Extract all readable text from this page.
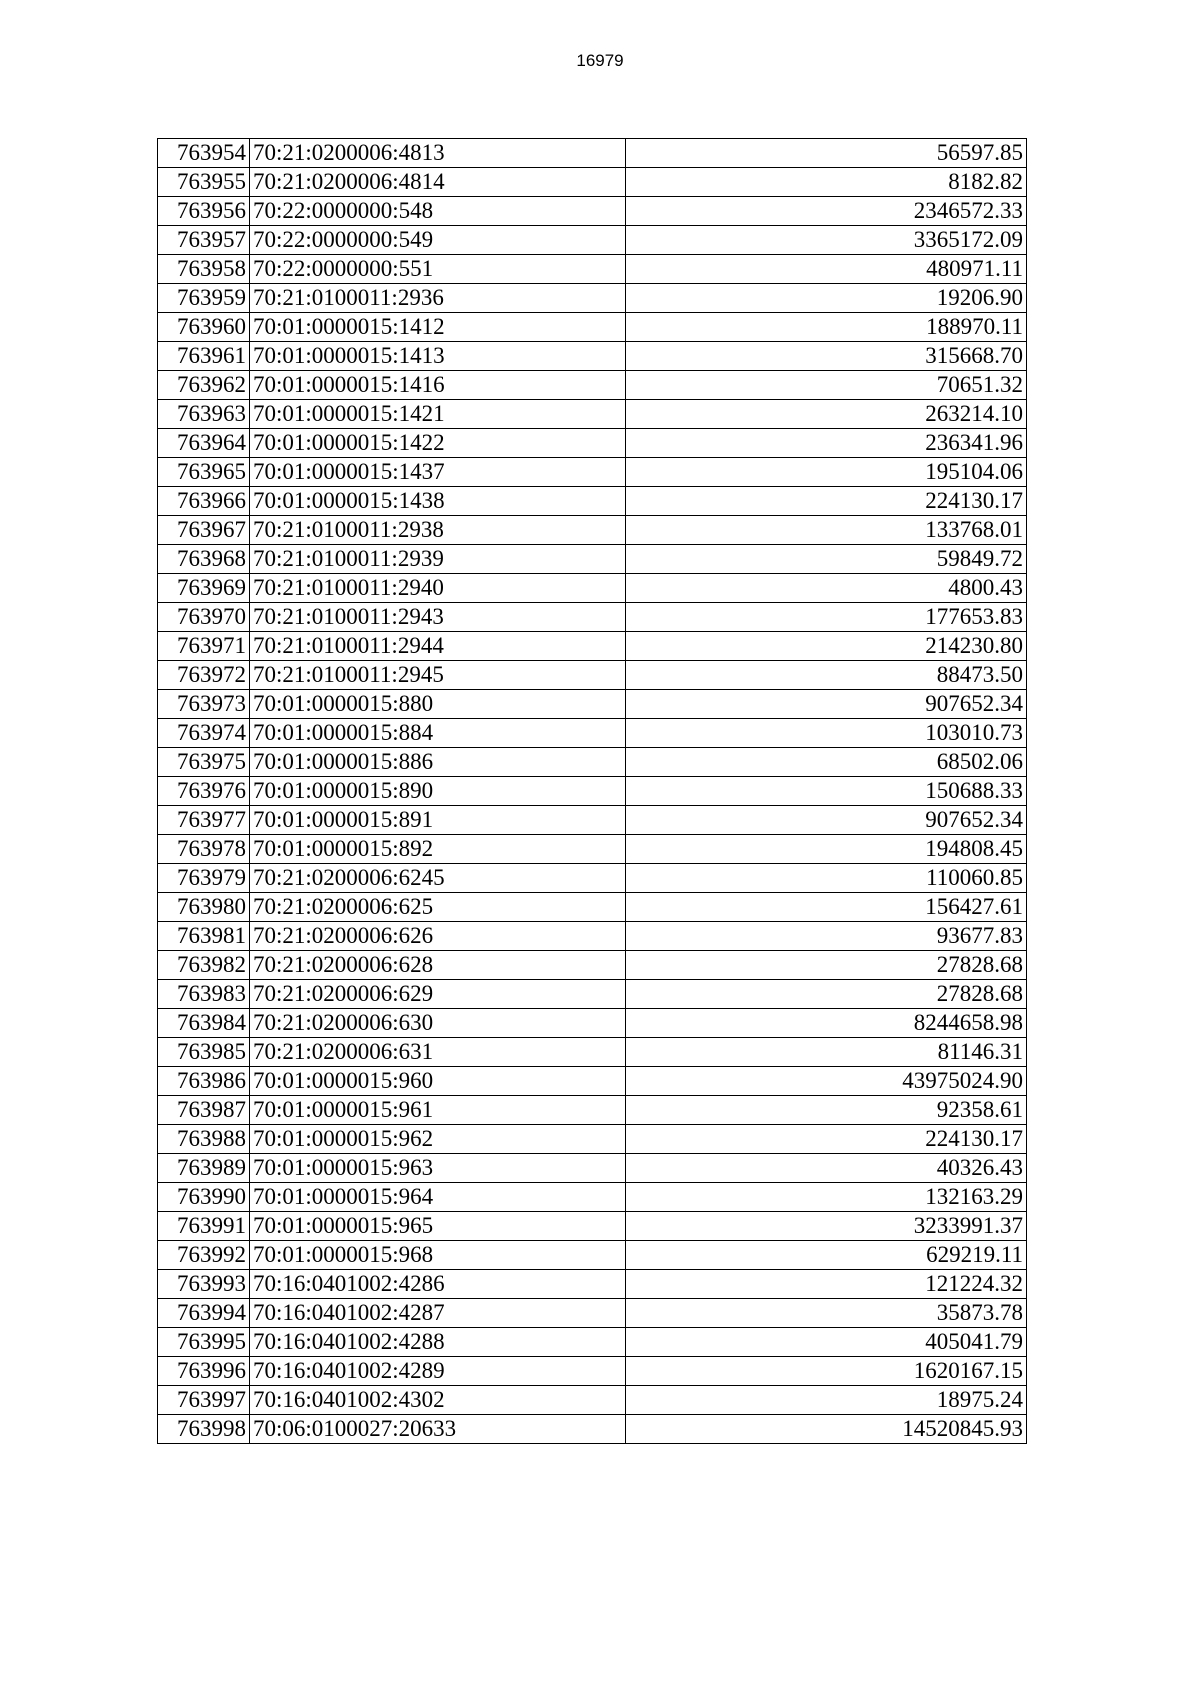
16979
763954	70:21:0200006:4813	56597.85
763955	70:21:0200006:4814	8182.82
763956	70:22:0000000:548	2346572.33
763957	70:22:0000000:549	3365172.09
763958	70:22:0000000:551	480971.11
763959	70:21:0100011:2936	19206.90
763960	70:01:0000015:1412	188970.11
763961	70:01:0000015:1413	315668.70
763962	70:01:0000015:1416	70651.32
763963	70:01:0000015:1421	263214.10
763964	70:01:0000015:1422	236341.96
763965	70:01:0000015:1437	195104.06
763966	70:01:0000015:1438	224130.17
763967	70:21:0100011:2938	133768.01
763968	70:21:0100011:2939	59849.72
763969	70:21:0100011:2940	4800.43
763970	70:21:0100011:2943	177653.83
763971	70:21:0100011:2944	214230.80
763972	70:21:0100011:2945	88473.50
763973	70:01:0000015:880	907652.34
763974	70:01:0000015:884	103010.73
763975	70:01:0000015:886	68502.06
763976	70:01:0000015:890	150688.33
763977	70:01:0000015:891	907652.34
763978	70:01:0000015:892	194808.45
763979	70:21:0200006:6245	110060.85
763980	70:21:0200006:625	156427.61
763981	70:21:0200006:626	93677.83
763982	70:21:0200006:628	27828.68
763983	70:21:0200006:629	27828.68
763984	70:21:0200006:630	8244658.98
763985	70:21:0200006:631	81146.31
763986	70:01:0000015:960	43975024.90
763987	70:01:0000015:961	92358.61
763988	70:01:0000015:962	224130.17
763989	70:01:0000015:963	40326.43
763990	70:01:0000015:964	132163.29
763991	70:01:0000015:965	3233991.37
763992	70:01:0000015:968	629219.11
763993	70:16:0401002:4286	121224.32
763994	70:16:0401002:4287	35873.78
763995	70:16:0401002:4288	405041.79
763996	70:16:0401002:4289	1620167.15
763997	70:16:0401002:4302	18975.24
763998	70:06:0100027:20633	14520845.93
